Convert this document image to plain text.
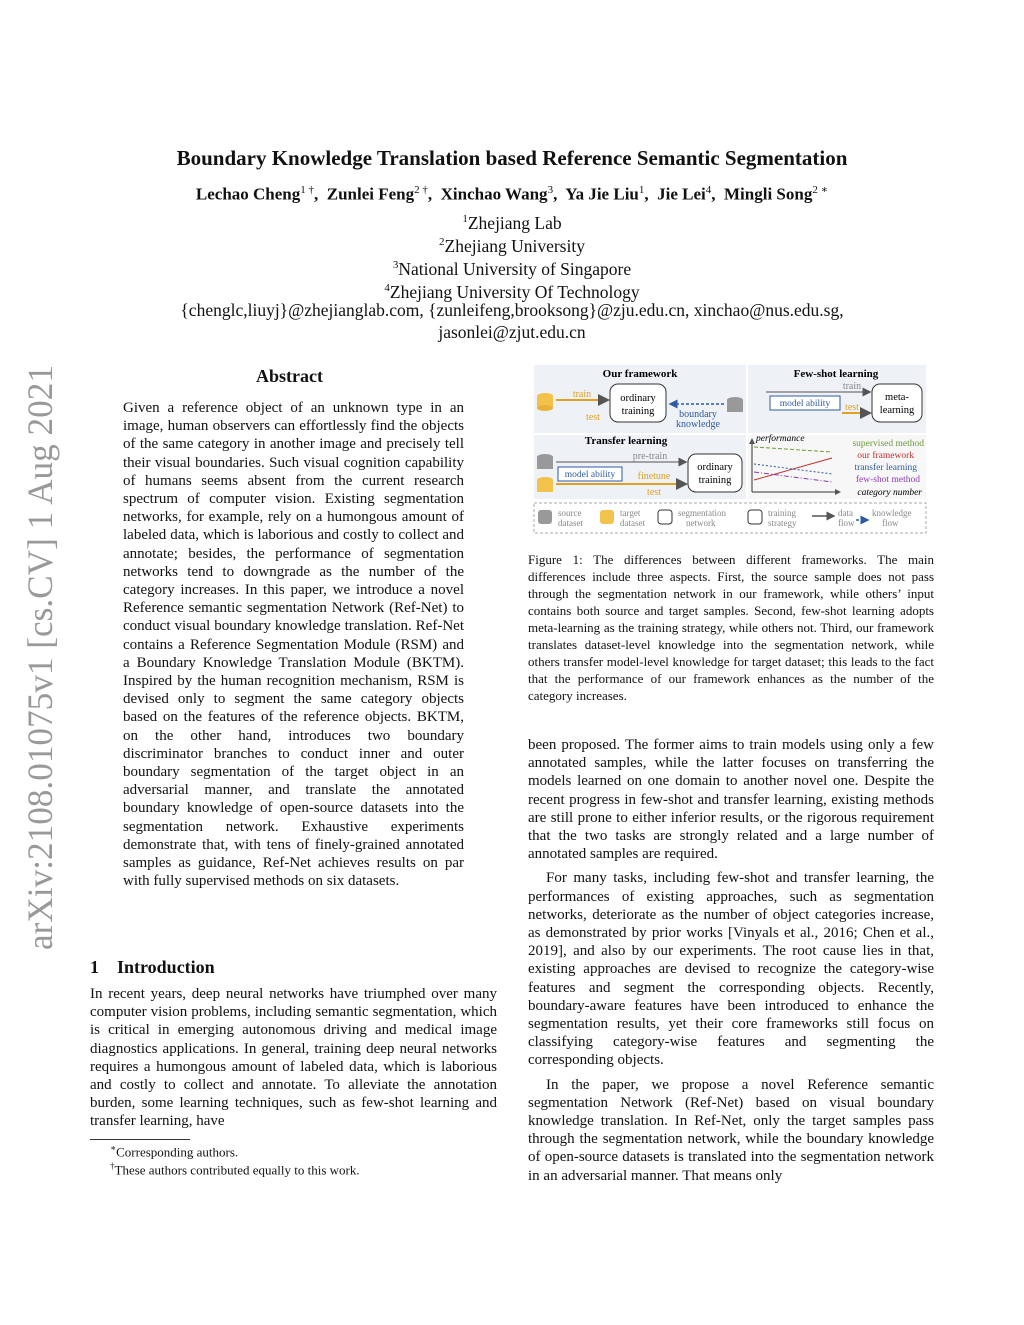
arXiv:2108.01075v1 [cs.CV] 1 Aug 2021
Boundary Knowledge Translation based Reference Semantic Segmentation
Lechao Cheng$^{1 \dagger}$,  Zunlei Feng$^{2 \dagger}$,  Xinchao Wang$^3$,  Ya Jie Liu$^1$,  Jie Lei$^4$,  Mingli Song$^{2 ∗}$
$^1$Zhejiang Lab
$^2$Zhejiang University
$^3$National University of Singapore
$^4$Zhejiang University Of Technology
{chenglc,liuyj}@zhejianglab.com, {zunleifeng,brooksong}@zju.edu.cn, xinchao@nus.edu.sg,
jasonlei@zjut.edu.cn
Abstract

Given a reference object of an unknown type in an image, human observers can effortlessly find the objects of the same category in another image and precisely tell their visual boundaries. Such visual cognition capability of humans seems absent from the current research spectrum of computer vision. Existing segmentation networks, for example, rely on a humongous amount of labeled data, which is laborious and costly to collect and annotate; besides, the performance of segmentation networks tend to downgrade as the number of the category increases. In this paper, we introduce a novel Reference semantic segmentation Network (Ref-Net) to conduct visual boundary knowledge translation. Ref-Net contains a Reference Segmentation Module (RSM) and a Boundary Knowledge Translation Module (BKTM). Inspired by the human recognition mechanism, RSM is devised only to segment the same category objects based on the features of the reference objects. BKTM, on the other hand, introduces two boundary discriminator branches to conduct inner and outer boundary segmentation of the target object in an adversarial manner, and translate the annotated boundary knowledge of open-source datasets into the segmentation network. Exhaustive experiments demonstrate that, with tens of finely-grained annotated samples as guidance, Ref-Net achieves results on par with fully supervised methods on six datasets.

1 Introduction

In recent years, deep neural networks have triumphed over many computer vision problems, including semantic segmentation, which is critical in emerging autonomous driving and medical image diagnostics applications. In general, training deep neural networks requires a humongous amount of labeled data, which is laborious and costly to collect and annotate. To alleviate the annotation burden, some learning techniques, such as few-shot learning and transfer learning, have

∗Corresponding authors.
†These authors contributed equally to this work.
Our framework
train
test
ordinary
training boundary
knowledge
Few-shot learning
train
model ability test
meta-
learning
Transfer learning
pre-train
model ability finetune
test
ordinary
training
performance	supervised method
our framework
transfer learning
few-shot method
category number
source
dataset
target
dataset
segmentation
network
training
strategy
data
flow
knowledge
flow
Figure 1: The differences between different frameworks. The main differences include three aspects. First, the source sample does not pass through the segmentation network in our framework, while others’ input contains both source and target samples. Second, few-shot learning adopts meta-learning as the training strategy, while others not. Third, our framework translates dataset-level knowledge into the segmentation network, while others transfer model-level knowledge for target dataset; this leads to the fact that the performance of our framework enhances as the number of the category increases.

been proposed. The former aims to train models using only a few annotated samples, while the latter focuses on transferring the models learned on one domain to another novel one. Despite the recent progress in few-shot and transfer learning, existing methods are still prone to either inferior results, or the rigorous requirement that the two tasks are strongly related and a large number of annotated samples are required.

For many tasks, including few-shot and transfer learning, the performances of existing approaches, such as segmentation networks, deteriorate as the number of object categories increase, as demonstrated by prior works [Vinyals et al., 2016; Chen et al., 2019], and also by our experiments. The root cause lies in that, existing approaches are devised to recognize the category-wise features and segment the corresponding objects. Recently, boundary-aware features have been introduced to enhance the segmentation results, yet their core frameworks still focus on classifying category-wise features and segmenting the corresponding objects.

In the paper, we propose a novel Reference semantic segmentation Network (Ref-Net) based on visual boundary knowledge translation. In Ref-Net, only the target samples pass through the segmentation network, while the boundary knowledge of open-source datasets is translated into the segmentation network in an adversarial manner. That means only
